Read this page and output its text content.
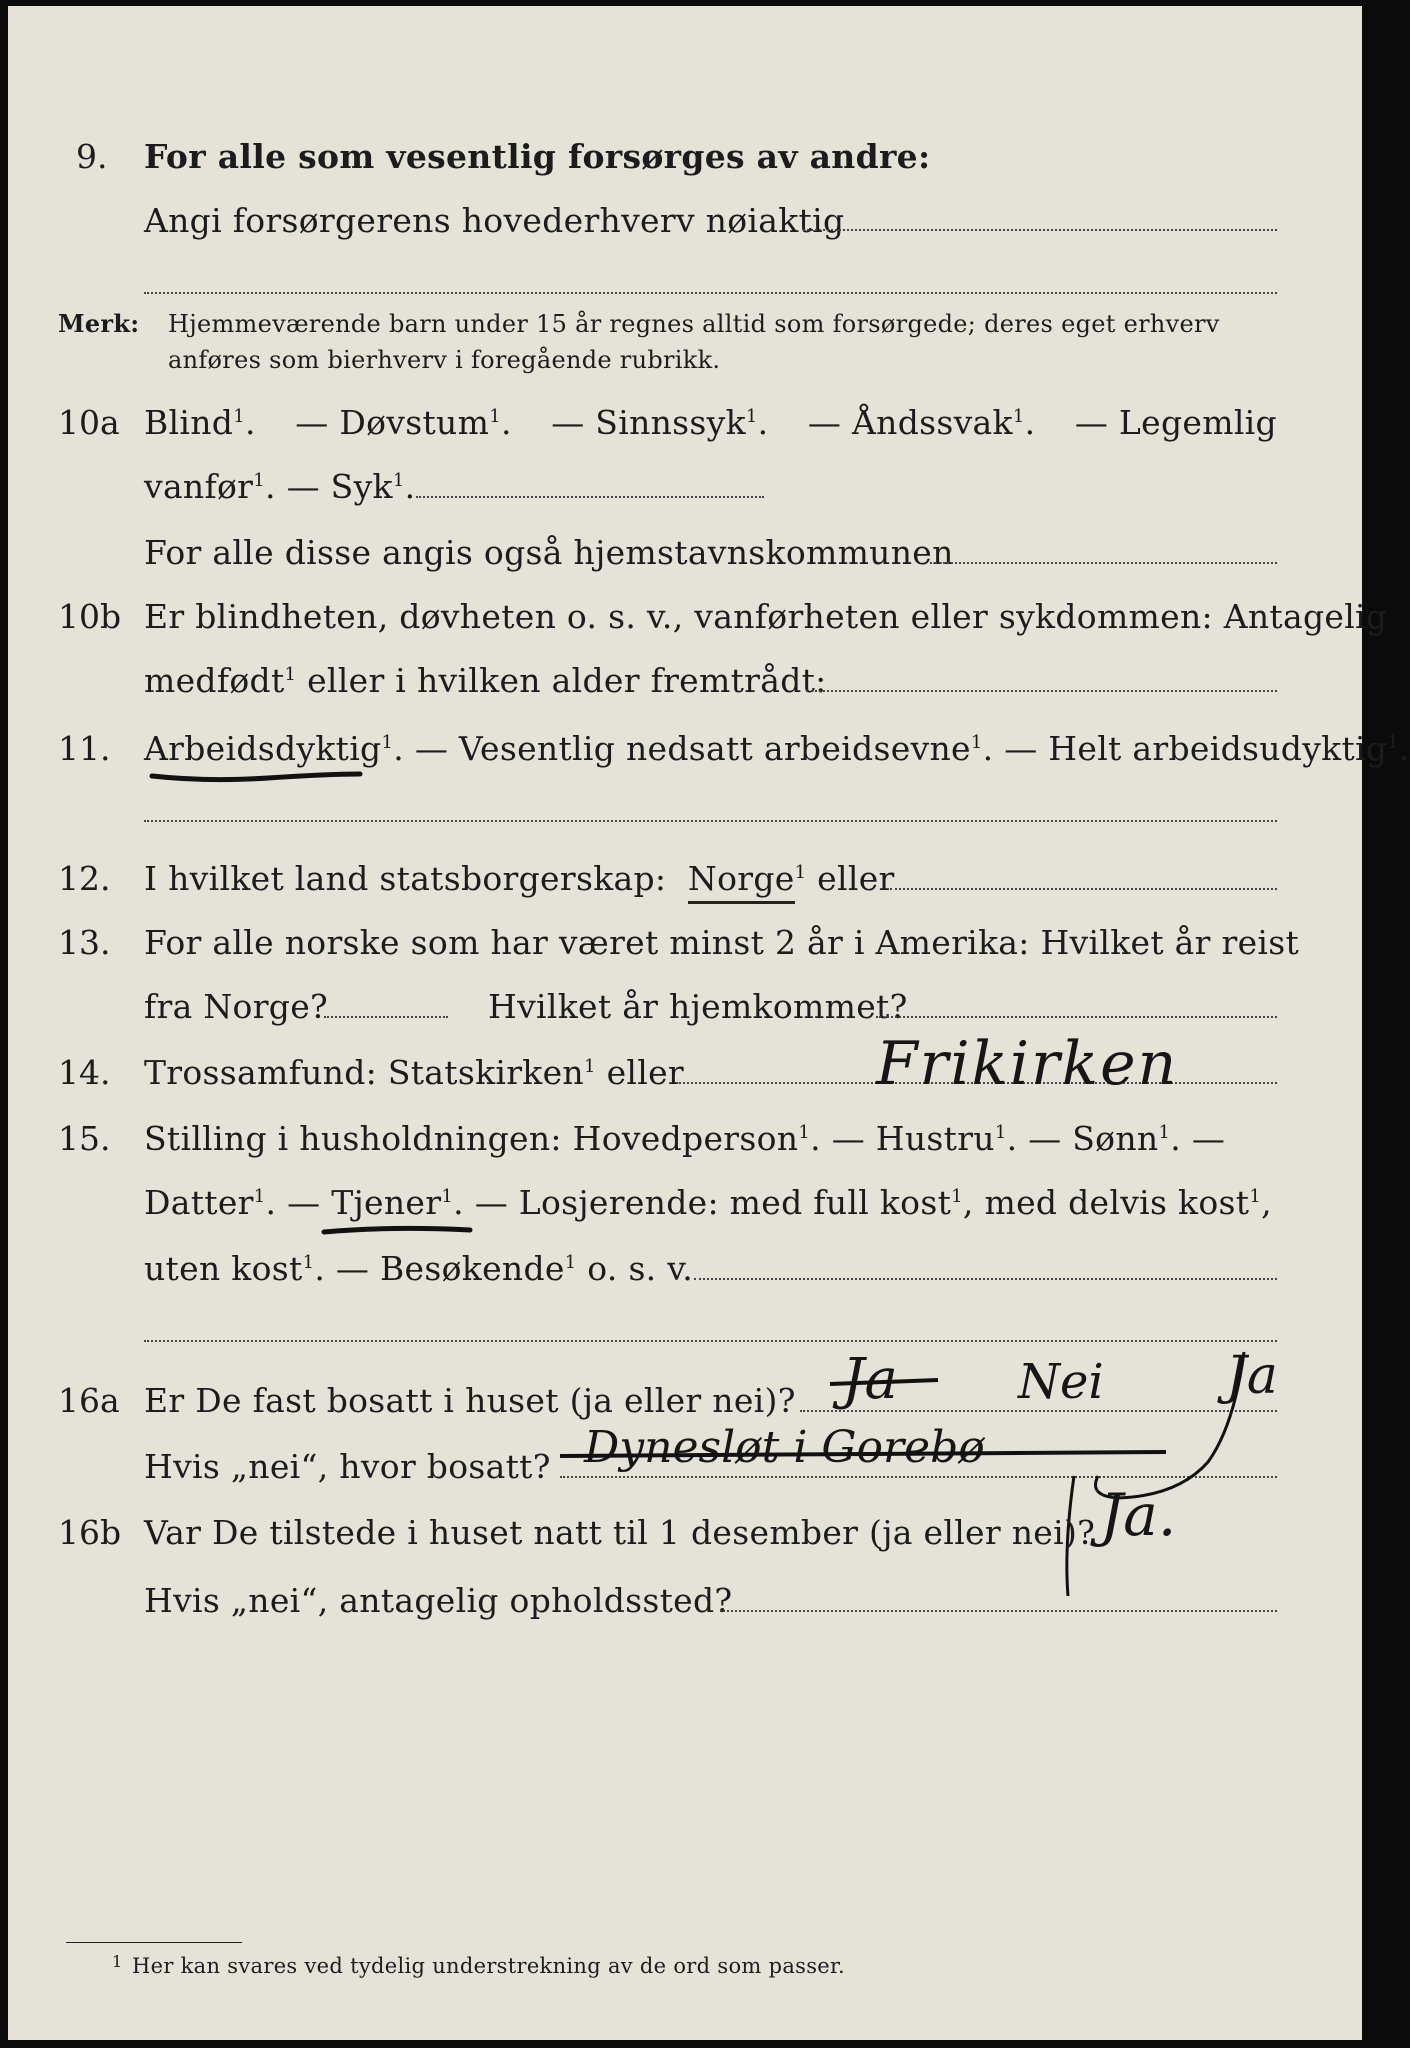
9. For alle som vesentlig forsørges av andre:
Angi forsørgerens hovederhverv nøiaktig
Merk: Hjemmeværende barn under 15 år regnes alltid som forsørgede; deres eget erhverv
anføres som bierhverv i foregående rubrikk.
10a Blind$^1$. — Døvstum$^1$. — Sinnssyk$^1$. — Åndssvak$^1$. — Legemlig
vanfør$^1$. — Syk$^1$.
For alle disse angis også hjemstavnskommunen
10b Er blindheten, døvheten o. s. v., vanførheten eller sykdommen: Antagelig
medfødt$^1$ eller i hvilken alder fremtrådt:
11. Arbeidsdyktig$^1$. — Vesentlig nedsatt arbeidsevne$^1$. — Helt arbeidsudyktig$^1$.
12. I hvilket land statsborgerskap: Norge$^1$ eller
13. For alle norske som har været minst 2 år i Amerika: Hvilket år reist
fra Norge?	Hvilket år hjemkommet?
14. Trossamfund: Statskirken$^1$ eller	Frikirken
15. Stilling i husholdningen: Hovedperson$^1$. — Hustru$^1$. — Sønn$^1$. —
Datter$^1$. — Tjener$^1$. — Losjerende: med full kost$^1$, med delvis kost$^1$,
uten kost$^1$. — Besøkende$^1$ o. s. v.
16a Er De fast bosatt i huset (ja eller nei)? Ja	Nei Ja
Hvis „nei“, hvor bosatt? Dynesløt i Gorebø
16b Var De tilstede i huset natt til 1 desember (ja eller nei)? Ja.
Hvis „nei“, antagelig opholdssted?
1 Her kan svares ved tydelig understrekning av de ord som passer.
